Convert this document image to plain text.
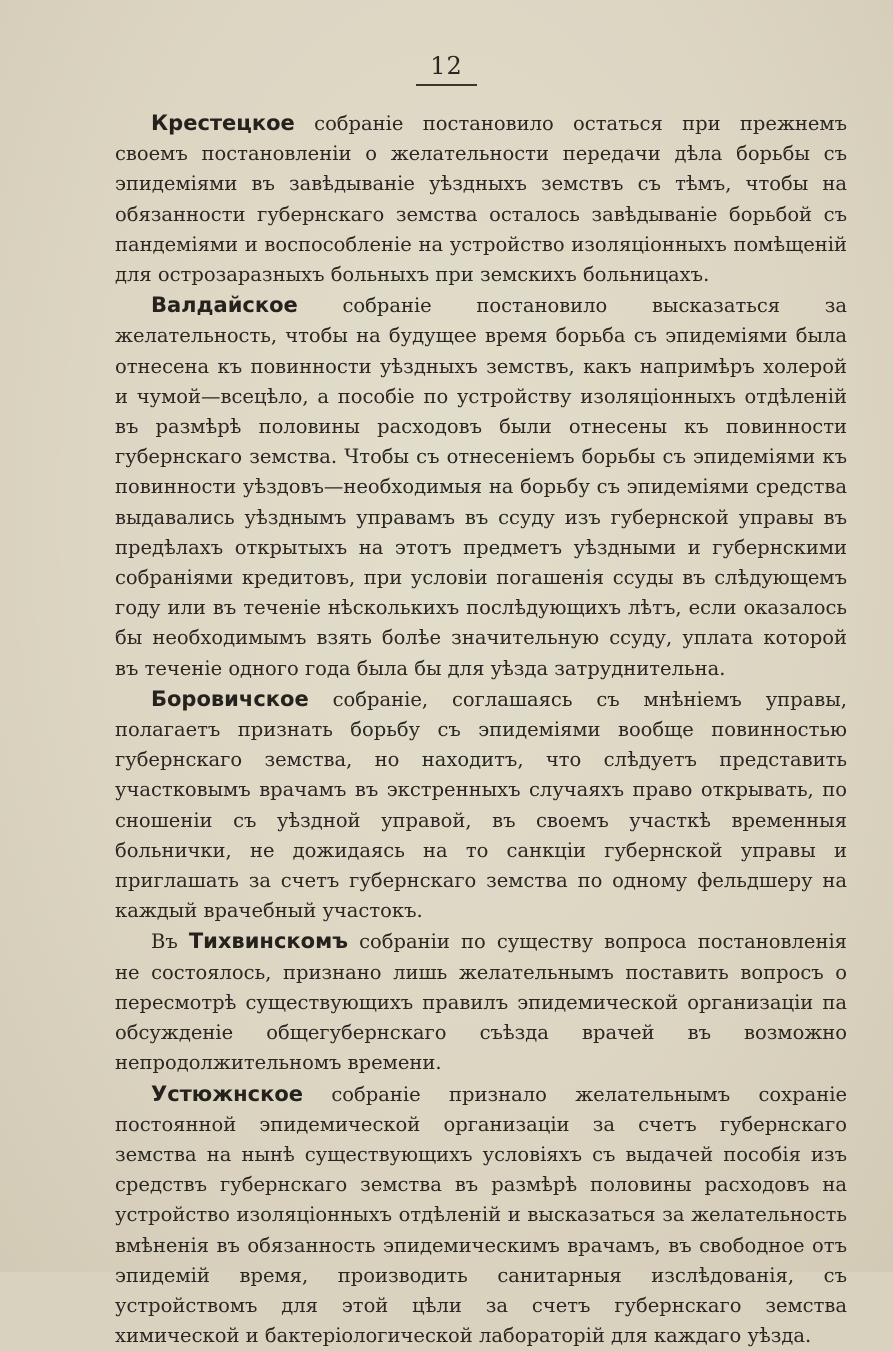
12

Крестецкое собраніе постановило остаться при прежнемъ своемъ постановленіи о желательности передачи дѣла борьбы съ эпидеміями въ завѣдываніе уѣздныхъ земствъ съ тѣмъ, чтобы на обязанности губернскаго земства осталось завѣдываніе борьбой съ пандеміями и воспособленіе на устройство изоляціонныхъ помѣщеній для острозаразныхъ больныхъ при земскихъ больницахъ.

Валдайское собраніе постановило высказаться за желательность, чтобы на будущее время борьба съ эпидеміями была отнесена къ повинности уѣздныхъ земствъ, какъ напримѣръ холерой и чумой—всецѣло, а пособіе по устройству изоляціонныхъ отдѣленій въ размѣрѣ половины расходовъ были отнесены къ повинности губернскаго земства. Чтобы съ отнесеніемъ борьбы съ эпидеміями къ повинности уѣздовъ—необходимыя на борьбу съ эпидеміями средства выдавались уѣзднымъ управамъ въ ссуду изъ губернской управы въ предѣлахъ открытыхъ на этотъ предметъ уѣздными и губернскими собраніями кредитовъ, при условіи погашенія ссуды въ слѣдующемъ году или въ теченіе нѣсколькихъ послѣдующихъ лѣтъ, если оказалось бы необходимымъ взять болѣе значительную ссуду, уплата которой въ теченіе одного года была бы для уѣзда затруднительна.

Боровичское собраніе, соглашаясь съ мнѣніемъ управы, полагаетъ признать борьбу съ эпидеміями вообще повинностью губернскаго земства, но находитъ, что слѣдуетъ представить участковымъ врачамъ въ экстренныхъ случаяхъ право открывать, по сношеніи съ уѣздной управой, въ своемъ участкѣ временныя больнички, не дожидаясь на то санкціи губернской управы и приглашать за счетъ губернскаго земства по одному фельдшеру на каждый врачебный участокъ.

Въ Тихвинскомъ собраніи по существу вопроса постановленія не состоялось, признано лишь желательнымъ поставить вопросъ о пересмотрѣ существующихъ правилъ эпидемической организаціи па обсужденіе общегубернскаго съѣзда врачей въ возможно непродолжительномъ времени.

Устюжнское собраніе признало желательнымъ сохраніе постоянной эпидемической организаціи за счетъ губернскаго земства на нынѣ существующихъ условіяхъ съ выдачей пособія изъ средствъ губернскаго земства въ размѣрѣ половины расходовъ на устройство изоляціонныхъ отдѣленій и высказаться за желательность вмѣненія въ обязанность эпидемическимъ врачамъ, въ свободное отъ эпидемій время, производить санитарныя изслѣдованія, съ устройствомъ для этой цѣли за счетъ губернскаго земства химической и бактеріологической лабораторій для каждаго уѣзда.
